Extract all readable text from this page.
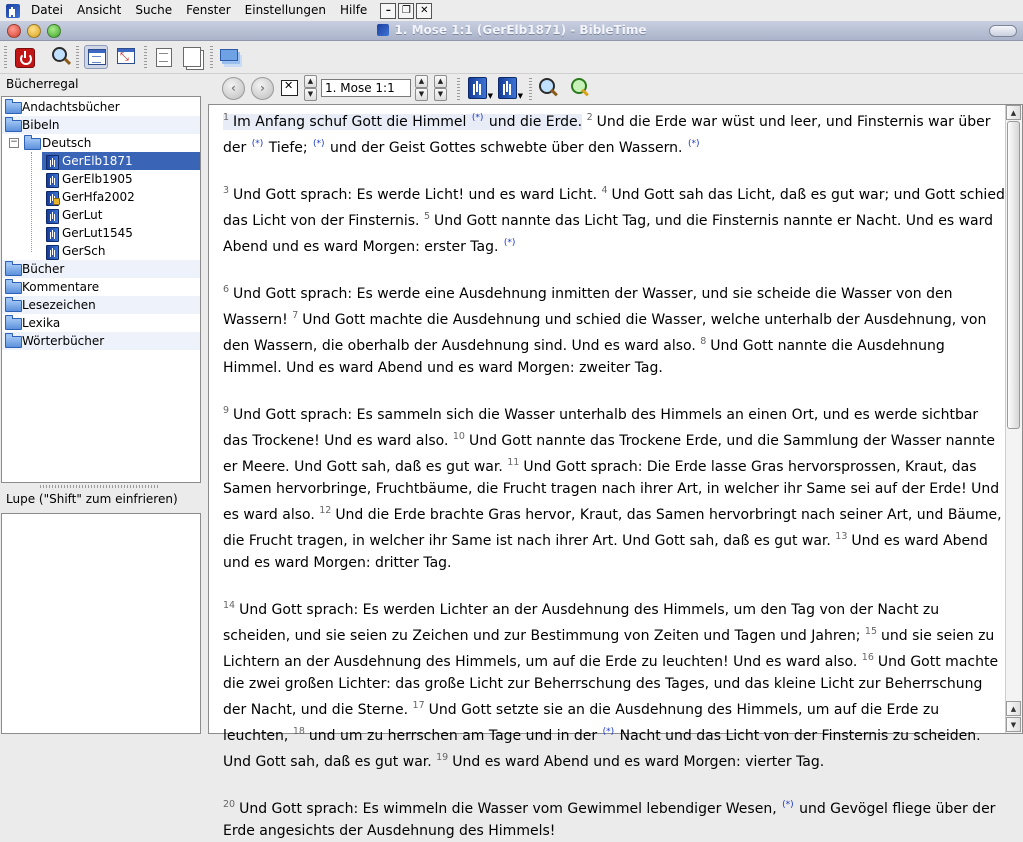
Datei	Ansicht	Suche	Fenster	Einstellungen	Hilfe	–	❐ ✕
1. Mose 1:1 (GerElb1871) - BibleTime
⤡
Bücherregal
Andachtsbücher
Bibeln
− Deutsch
GerElb1871
GerElb1905
GerHfa2002
GerLut
GerLut1545
GerSch
Bücher
Kommentare
Lesezeichen
Lexika
Wörterbücher
Lupe ("Shift" zum einfrieren)
‹	›
✕	▲
▼
1. Mose 1:1
▲
▼
▲
▼	▼	▼

$^1$ Im Anfang schuf Gott die Himmel (*) und die Erde. $^2$ Und die Erde war wüst und leer, und Finsternis war über der (*) Tiefe; (*) und der Geist Gottes schwebte über den Wassern. (*)

$^3$ Und Gott sprach: Es werde Licht! und es ward Licht. $^4$ Und Gott sah das Licht, daß es gut war; und Gott schied das Licht von der Finsternis. $^5$ Und Gott nannte das Licht Tag, und die Finsternis nannte er Nacht. Und es ward Abend und es ward Morgen: erster Tag. (*)

$^6$ Und Gott sprach: Es werde eine Ausdehnung inmitten der Wasser, und sie scheide die Wasser von den Wassern! $^7$ Und Gott machte die Ausdehnung und schied die Wasser, welche unterhalb der Ausdehnung, von den Wassern, die oberhalb der Ausdehnung sind. Und es ward also. $^8$ Und Gott nannte die Ausdehnung Himmel. Und es ward Abend und es ward Morgen: zweiter Tag.

$^9$ Und Gott sprach: Es sammeln sich die Wasser unterhalb des Himmels an einen Ort, und es werde sichtbar das Trockene! Und es ward also. $^{10}$ Und Gott nannte das Trockene Erde, und die Sammlung der Wasser nannte er Meere. Und Gott sah, daß es gut war. $^{11}$ Und Gott sprach: Die Erde lasse Gras hervorsprossen, Kraut, das Samen hervorbringe, Fruchtbäume, die Frucht tragen nach ihrer Art, in welcher ihr Same sei auf der Erde! Und es ward also. $^{12}$ Und die Erde brachte Gras hervor, Kraut, das Samen hervorbringt nach seiner Art, und Bäume, die Frucht tragen, in welcher ihr Same ist nach ihrer Art. Und Gott sah, daß es gut war. $^{13}$ Und es ward Abend und es ward Morgen: dritter Tag.

$^{14}$ Und Gott sprach: Es werden Lichter an der Ausdehnung des Himmels, um den Tag von der Nacht zu scheiden, und sie seien zu Zeichen und zur Bestimmung von Zeiten und Tagen und Jahren; $^{15}$ und sie seien zu Lichtern an der Ausdehnung des Himmels, um auf die Erde zu leuchten! Und es ward also. $^{16}$ Und Gott machte die zwei großen Lichter: das große Licht zur Beherrschung des Tages, und das kleine Licht zur Beherrschung der Nacht, und die Sterne. $^{17}$ Und Gott setzte sie an die Ausdehnung des Himmels, um auf die Erde zu leuchten, $^{18}$ und um zu herrschen am Tage und in der (*) Nacht und das Licht von der Finsternis zu scheiden. Und Gott sah, daß es gut war. $^{19}$ Und es ward Abend und es ward Morgen: vierter Tag.

$^{20}$ Und Gott sprach: Es wimmeln die Wasser vom Gewimmel lebendiger Wesen, (*) und Gevögel fliege über der Erde angesichts der Ausdehnung des Himmels!

▲
▲
▼
